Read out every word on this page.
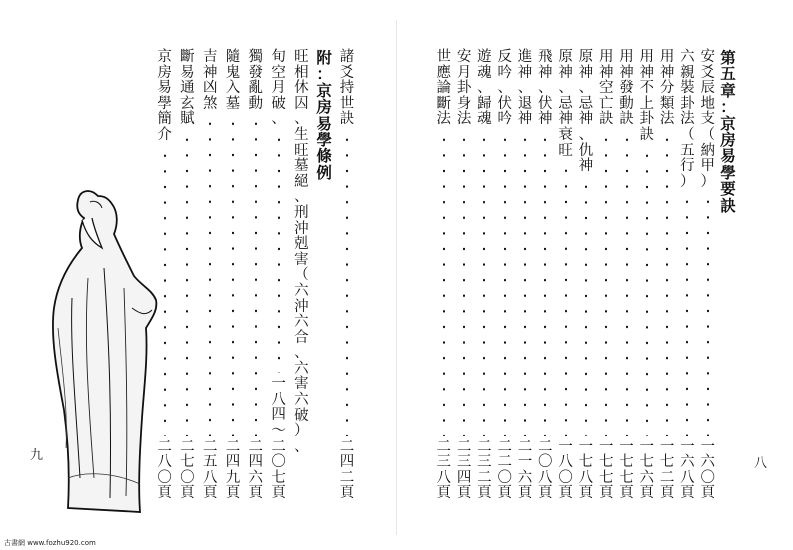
諸
爻
持
世
訣
二
四
二
頁
附
：
京
房
易
學
條
例
旺
相
休
囚
、
生
旺
墓
絕
、
刑
沖
剋
害
（
六
沖
六
合
、
六
害
六
破
）
、
旬
空
月
破
、
一
八
四
～
二
〇
七
頁
獨
發
亂
動
二
四
六
頁
隨
鬼
入
墓
二
四
九
頁
吉
神
凶
煞
二
五
八
頁
斷
易
通
玄
賦
二
七
〇
頁
京
房
易
學
簡
介
二
八
〇
頁
第
五
章
：
京
房
易
學
要
訣
安
爻
辰
地
支
（
納
甲
）
一
六
〇
頁
六
親
裝
卦
法
（
五
行
）
一
六
八
頁
用
神
分
類
法
一
七
二
頁
用
神
不
上
卦
訣
一
七
六
頁
用
神
發
動
訣
一
七
七
頁
用
神
空
亡
訣
一
七
七
頁
原
神
、
忌
神
、
仇
神
一
七
八
頁
原
神
、
忌
神
衰
旺
一
八
〇
頁
飛
神
、
伏
神
二
〇
八
頁
進
神
、
退
神
二
一
六
頁
反
吟
、
伏
吟
二
二
〇
頁
遊
魂
、
歸
魂
二
三
二
頁
安
月
卦
身
法
二
三
四
頁
世
應
論
斷
法
二
三
八
頁
九
八
古書網 www.fozhu920.com
